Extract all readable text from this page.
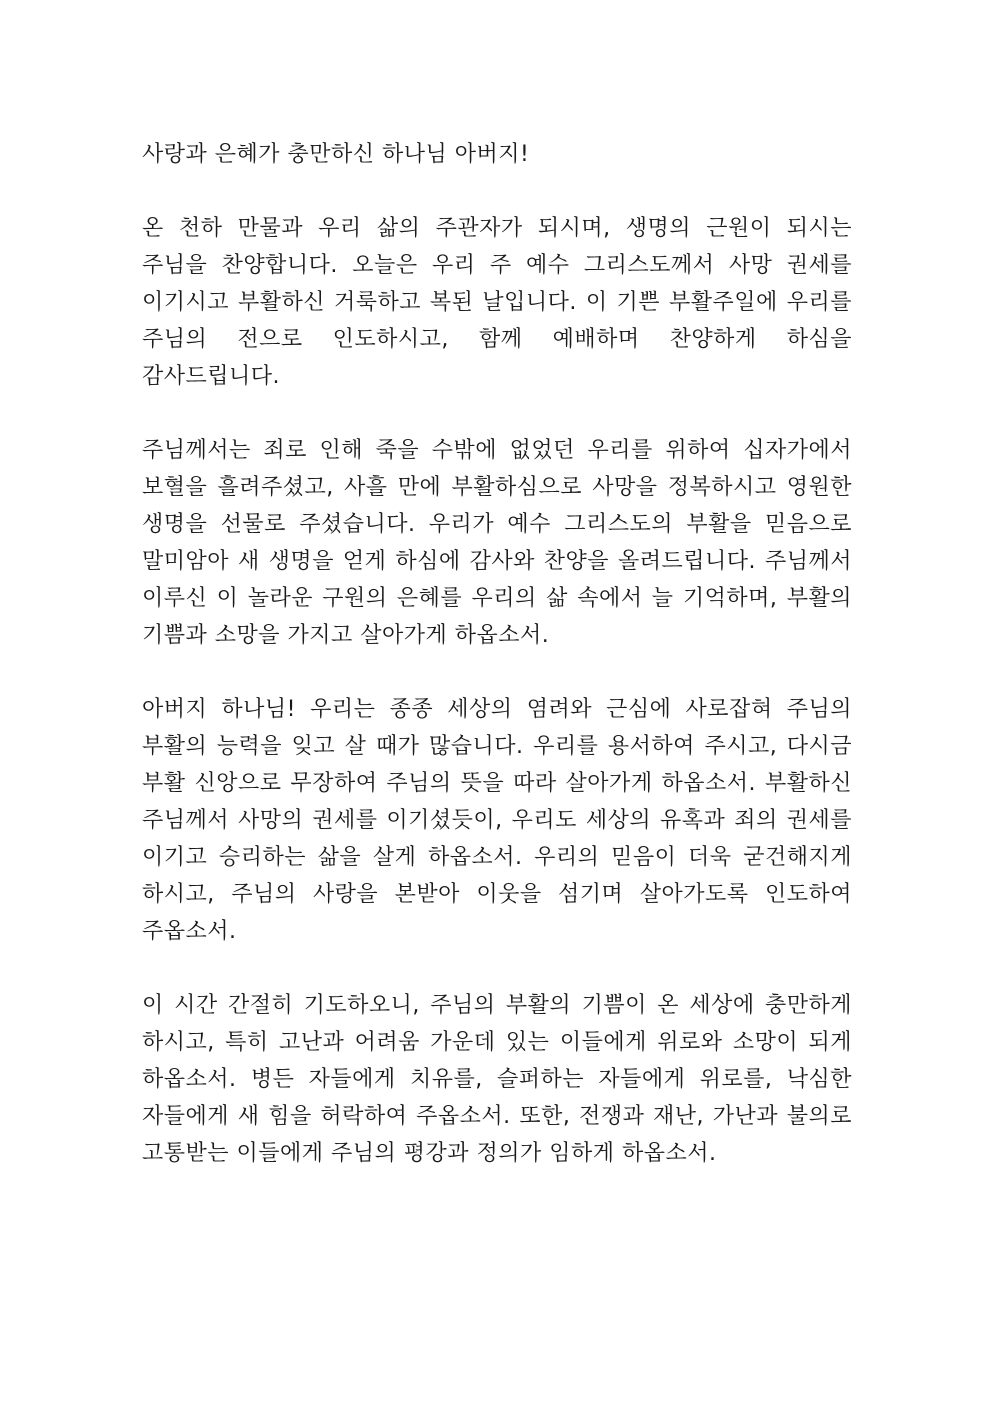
사랑과 은혜가 충만하신 하나님 아버지!

온 천하 만물과 우리 삶의 주관자가 되시며, 생명의 근원이 되시는 주님을 찬양합니다. 오늘은 우리 주 예수 그리스도께서 사망 권세를 이기시고 부활하신 거룩하고 복된 날입니다. 이 기쁜 부활주일에 우리를 주님의 전으로 인도하시고, 함께 예배하며 찬양하게 하심을 감사드립니다.

주님께서는 죄로 인해 죽을 수밖에 없었던 우리를 위하여 십자가에서 보혈을 흘려주셨고, 사흘 만에 부활하심으로 사망을 정복하시고 영원한 생명을 선물로 주셨습니다. 우리가 예수 그리스도의 부활을 믿음으로 말미암아 새 생명을 얻게 하심에 감사와 찬양을 올려드립니다. 주님께서 이루신 이 놀라운 구원의 은혜를 우리의 삶 속에서 늘 기억하며, 부활의 기쁨과 소망을 가지고 살아가게 하옵소서.

아버지 하나님! 우리는 종종 세상의 염려와 근심에 사로잡혀 주님의 부활의 능력을 잊고 살 때가 많습니다. 우리를 용서하여 주시고, 다시금 부활 신앙으로 무장하여 주님의 뜻을 따라 살아가게 하옵소서. 부활하신 주님께서 사망의 권세를 이기셨듯이, 우리도 세상의 유혹과 죄의 권세를 이기고 승리하는 삶을 살게 하옵소서. 우리의 믿음이 더욱 굳건해지게 하시고, 주님의 사랑을 본받아 이웃을 섬기며 살아가도록 인도하여 주옵소서.

이 시간 간절히 기도하오니, 주님의 부활의 기쁨이 온 세상에 충만하게 하시고, 특히 고난과 어려움 가운데 있는 이들에게 위로와 소망이 되게 하옵소서. 병든 자들에게 치유를, 슬퍼하는 자들에게 위로를, 낙심한 자들에게 새 힘을 허락하여 주옵소서. 또한, 전쟁과 재난, 가난과 불의로 고통받는 이들에게 주님의 평강과 정의가 임하게 하옵소서.
